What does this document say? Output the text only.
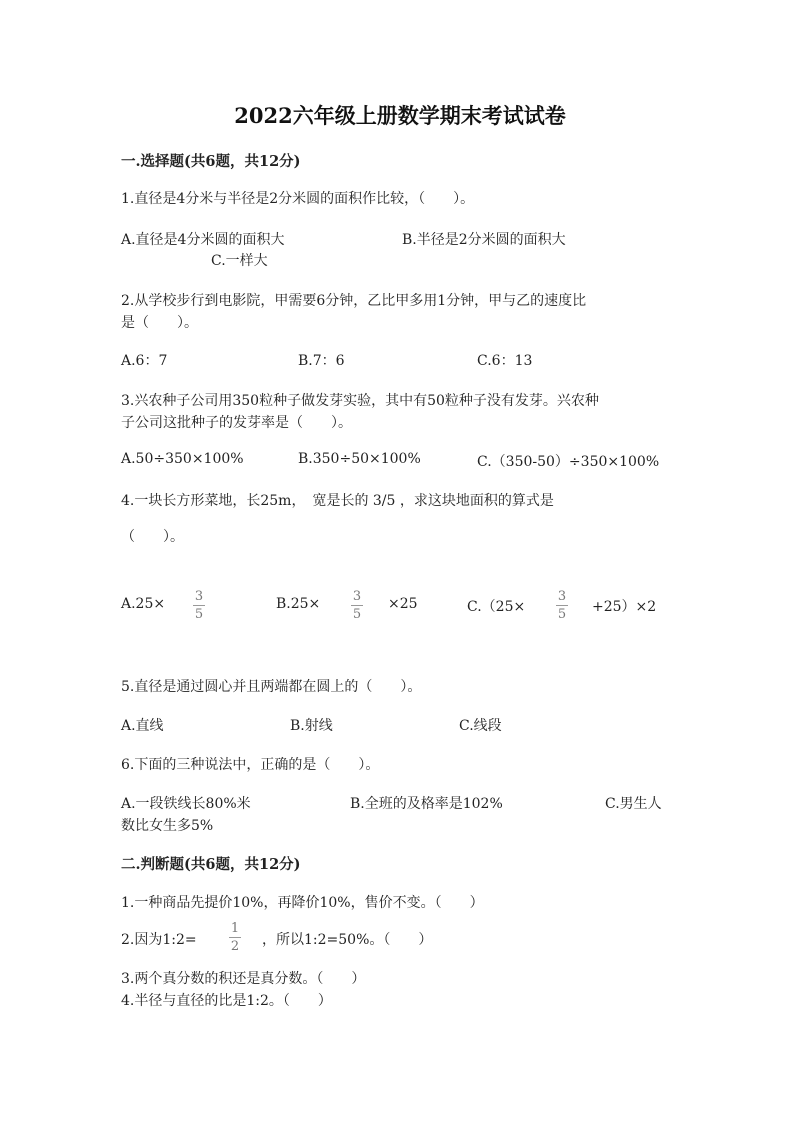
2022六年级上册数学期末考试试卷
一.选择题(共6题，共12分)
1.直径是4分米与半径是2分米圆的面积作比较，（　　）。
A.直径是4分米圆的面积大	B.半径是2分米圆的面积大
C.一样大
2.从学校步行到电影院，甲需要6分钟，乙比甲多用1分钟，甲与乙的速度比
是（　　）。
A.6：7	B.7：6	C.6：13
3.兴农种子公司用350粒种子做发芽实验，其中有50粒种子没有发芽。兴农种
子公司这批种子的发芽率是（　　）。
A.50÷350×100%	B.350÷50×100%	C.（350-50）÷350×100%
4.一块长方形菜地，长25m，　宽是长的 3/5 ，求这块地面积的算式是
（　　）。
A.25× 3
5
B.25×	3
5
×25	C.（25×
3
5 +25）×2
5.直径是通过圆心并且两端都在圆上的（　　）。
A.直线	B.射线	C.线段
6.下面的三种说法中，正确的是（　　）。
A.一段铁线长80%米	B.全班的及格率是102%	C.男生人
数比女生多5%
二.判断题(共6题，共12分)
1.一种商品先提价10%，再降价10%，售价不变。（　　）
2.因为1:2=
1
2 ，所以1:2=50%。（　　）
3.两个真分数的积还是真分数。（　　）
4.半径与直径的比是1:2。（　　）
